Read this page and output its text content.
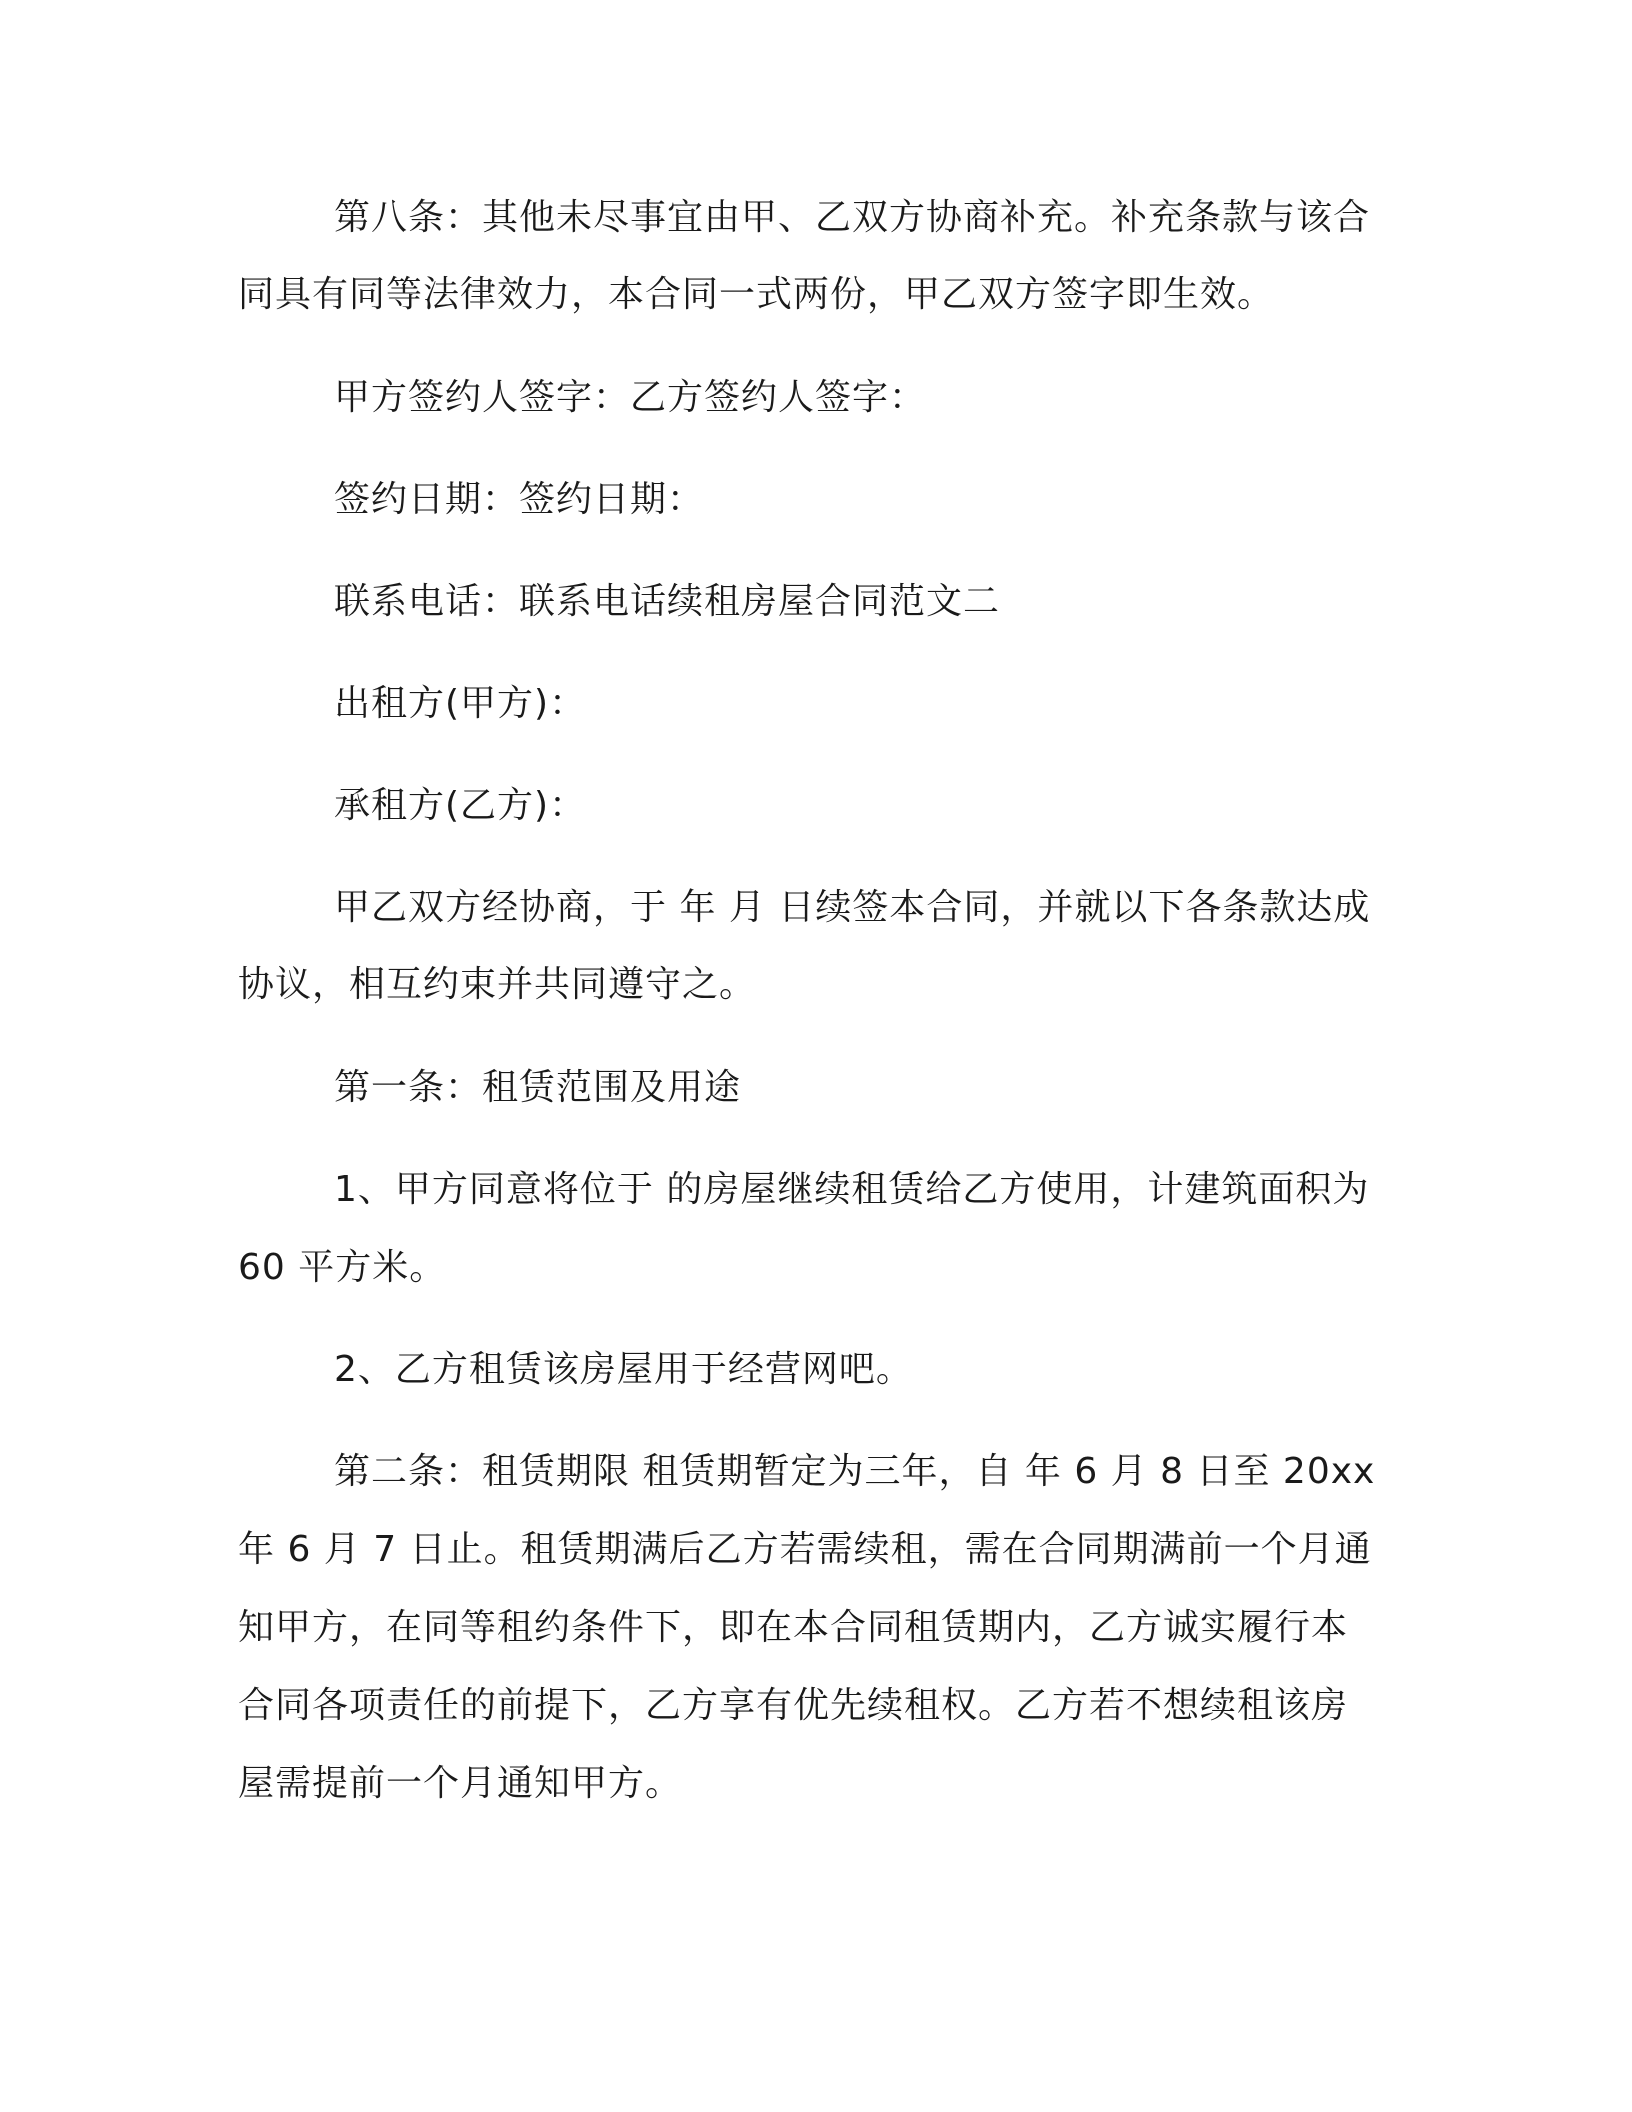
第八条：其他未尽事宜由甲、乙双方协商补充。补充条款与该合
同具有同等法律效力，本合同一式两份，甲乙双方签字即生效。
甲方签约人签字：乙方签约人签字：
签约日期：签约日期：
联系电话：联系电话续租房屋合同范文二
出租方(甲方)：
承租方(乙方)：
甲乙双方经协商，于 年 月 日续签本合同，并就以下各条款达成
协议，相互约束并共同遵守之。
第一条：租赁范围及用途
1、甲方同意将位于 的房屋继续租赁给乙方使用，计建筑面积为
60 平方米。
2、乙方租赁该房屋用于经营网吧。
第二条：租赁期限 租赁期暂定为三年，自 年 6 月 8 日至 20xx
年 6 月 7 日止。租赁期满后乙方若需续租，需在合同期满前一个月通
知甲方，在同等租约条件下，即在本合同租赁期内，乙方诚实履行本
合同各项责任的前提下，乙方享有优先续租权。乙方若不想续租该房
屋需提前一个月通知甲方。
